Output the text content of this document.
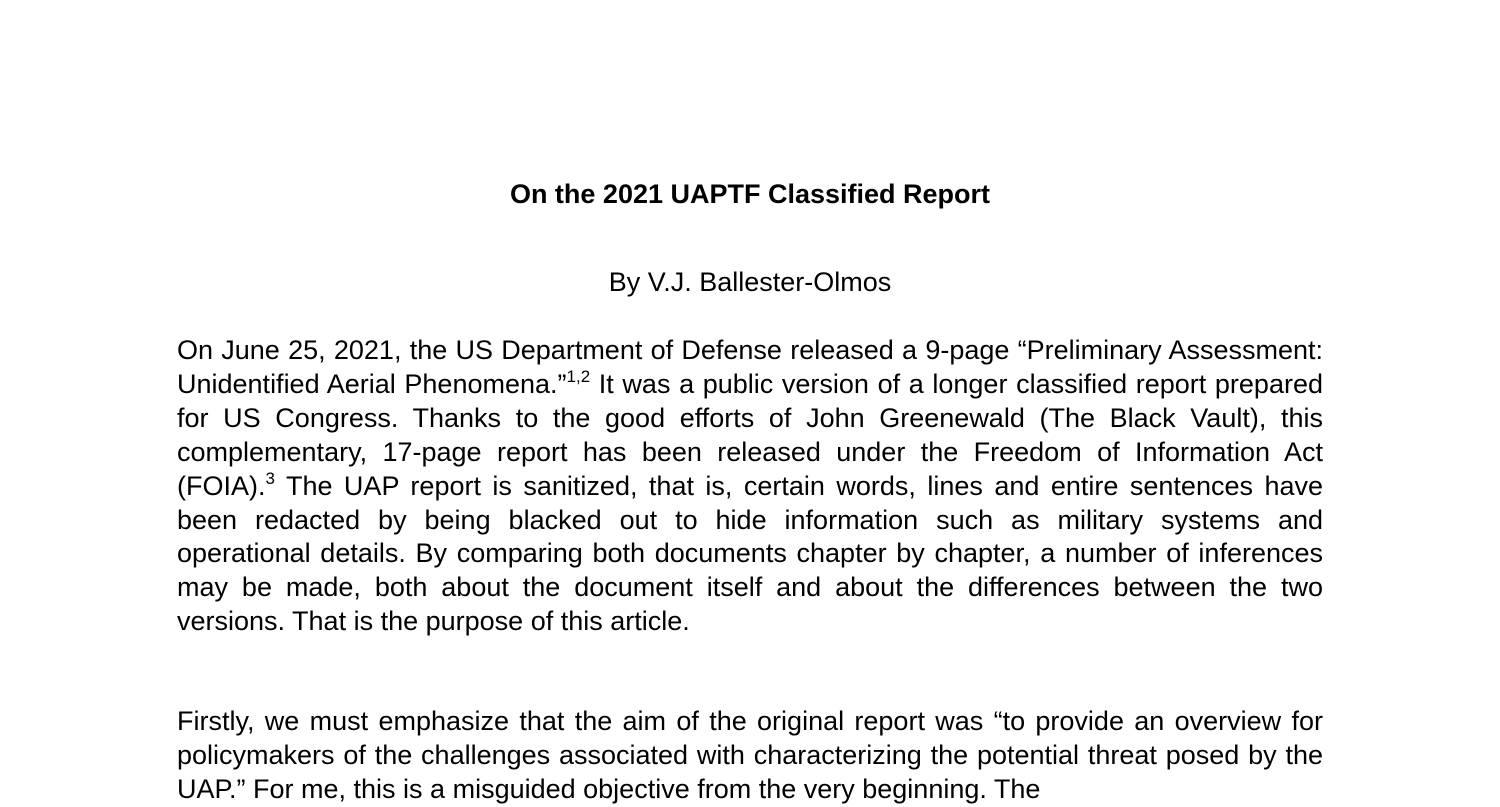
On the 2021 UAPTF Classified Report
By V.J. Ballester-Olmos

On June 25, 2021, the US Department of Defense released a 9-page “Preliminary Assessment: Unidentified Aerial Phenomena.”$^{1,2}$ It was a public version of a longer classified report prepared for US Congress. Thanks to the good efforts of John Greenewald (The Black Vault), this complementary, 17-page report has been released under the Freedom of Information Act (FOIA).$^3$ The UAP report is sanitized, that is, certain words, lines and entire sentences have been redacted by being blacked out to hide information such as military systems and operational details. By comparing both documents chapter by chapter, a number of inferences may be made, both about the document itself and about the differences between the two versions. That is the purpose of this article.

Firstly, we must emphasize that the aim of the original report was “to provide an overview for policymakers of the challenges associated with characterizing the potential threat posed by the UAP.” For me, this is a misguided objective from the very beginning. The
